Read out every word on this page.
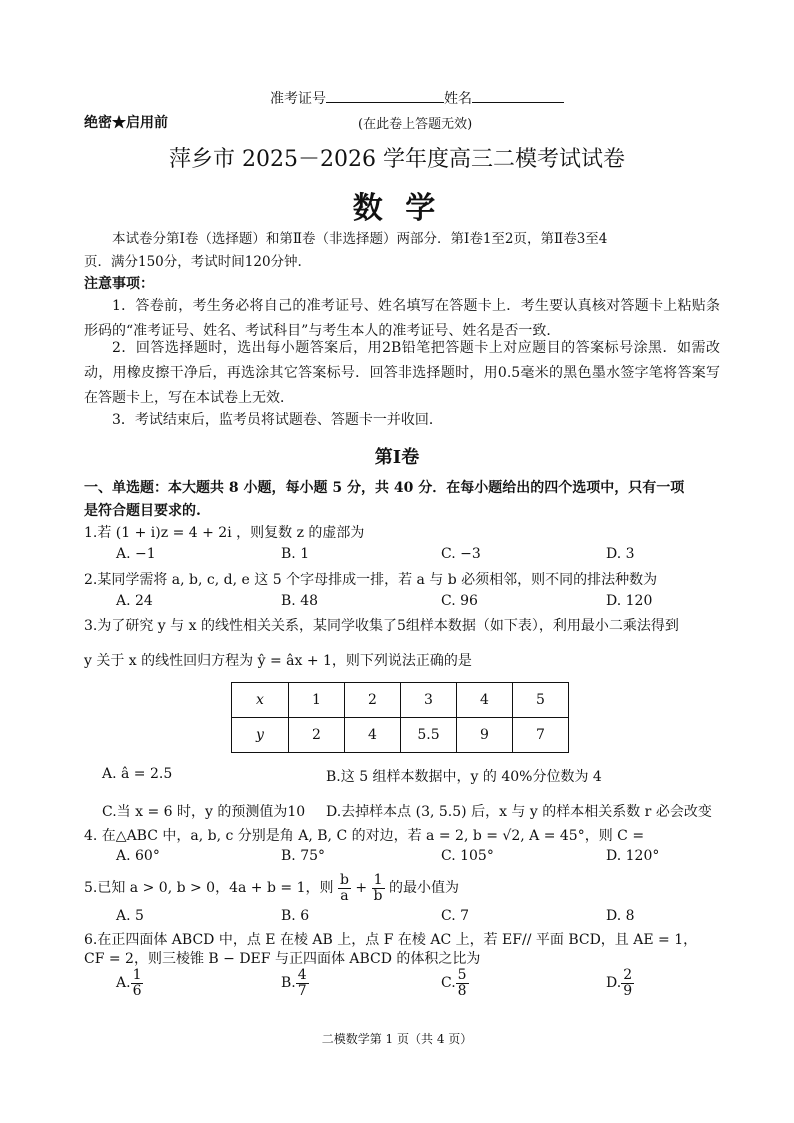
准考证号	姓名
绝密★启用前	(在此卷上答题无效)
萍乡市 2025－2026 学年度高三二模考试试卷
数 学
本试卷分第Ⅰ卷（选择题）和第Ⅱ卷（非选择题）两部分．第Ⅰ卷1至2页，第Ⅱ卷3至4
页．满分150分，考试时间120分钟.
注意事项：
1．答卷前，考生务必将自己的准考证号、姓名填写在答题卡上．考生要认真核对答题卡上粘贴条形码的“准考证号、姓名、考试科目”与考生本人的准考证号、姓名是否一致．
2．回答选择题时，选出每小题答案后，用2B铅笔把答题卡上对应题目的答案标号涂黑．如需改动，用橡皮擦干净后，再选涂其它答案标号．回答非选择题时，用0.5毫米的黑色墨水签字笔将答案写在答题卡上，写在本试卷上无效．
3．考试结束后，监考员将试题卷、答题卡一并收回．
第Ⅰ卷
一、单选题：本大题共 8 小题，每小题 5 分，共 40 分．在每小题给出的四个选项中，只有一项
是符合题目要求的.
1.若 (1 + i)z = 4 + 2i ，则复数 z 的虚部为
A. −1	B. 1	C. −3	D. 3
2.某同学需将 a, b, c, d, e 这 5 个字母排成一排，若 a 与 b 必须相邻，则不同的排法种数为
A. 24	B. 48	C. 96	D. 120
3.为了研究 y 与 x 的线性相关关系，某同学收集了5组样本数据（如下表），利用最小二乘法得到
y 关于 x 的线性回归方程为 ŷ = âx + 1，则下列说法正确的是
x	1	2	3	4	5
y	2	4	5.5	9	7
A. â = 2.5	B.这 5 组样本数据中，y 的 40%分位数为 4
C.当 x = 6 时，y 的预测值为10 D.去掉样本点 (3, 5.5) 后，x 与 y 的样本相关系数 r 必会改变
4. 在△ABC 中，a, b, c 分别是角 A, B, C 的对边，若 a = 2, b = √2, A = 45°，则 C =
A. 60°	B. 75°	C. 105°	D. 120°
5.已知 a > 0, b > 0，4a + b = 1，则 $\frac{b}{a} + \frac{1}{b}$ 的最小值为
A. 5	B. 6	C. 7	D. 8
6.在正四面体 ABCD 中，点 E 在棱 AB 上，点 F 在棱 AC 上，若 EF// 平面 BCD，且 AE = 1，
CF = 2，则三棱锥 B − DEF 与正四面体 ABCD 的体积之比为
A. $\frac{1}{6}$	B. $\frac{4}{7}$	C. $\frac{5}{8}$	D. $\frac{2}{9}$
二模数学第 1 页（共 4 页）
